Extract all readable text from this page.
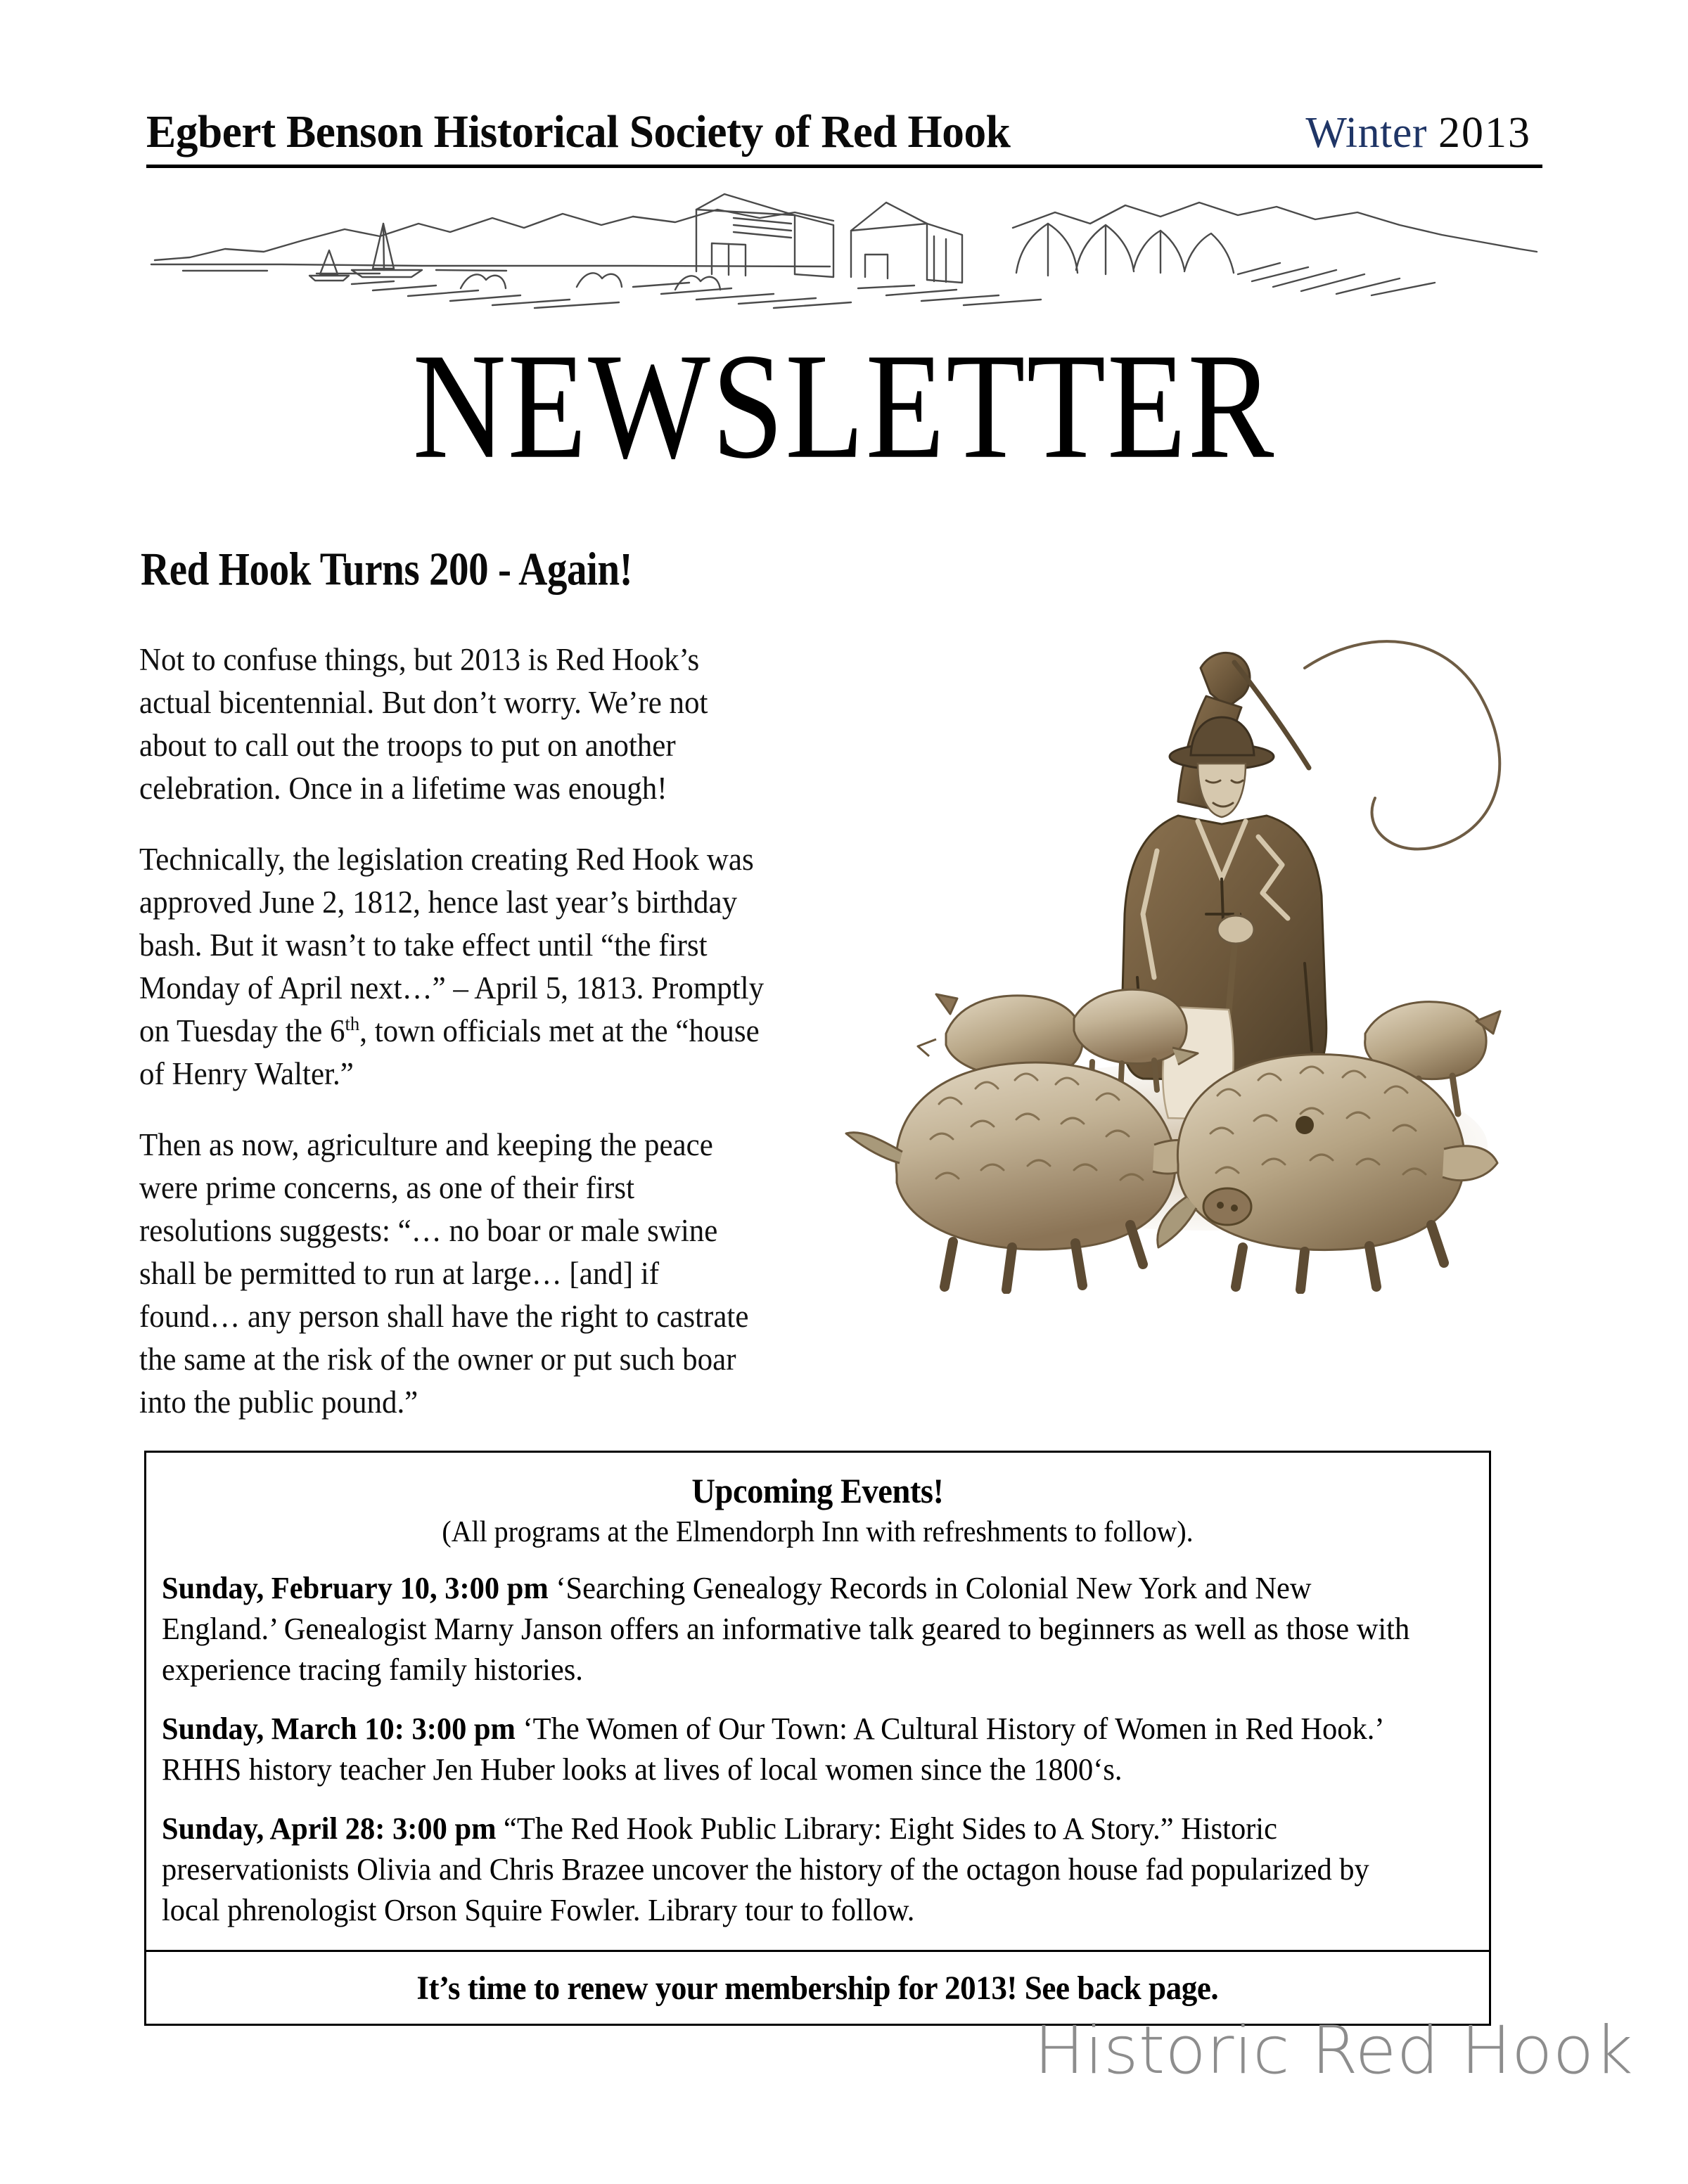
Egbert Benson Historical Society of Red Hook	Winter 2013
NEWSLETTER
Red Hook Turns 200 - Again!

Not to confuse things, but 2013 is Red Hook’s actual bicentennial. But don’t worry. We’re not about to call out the troops to put on another celebration. Once in a lifetime was enough!

Technically, the legislation creating Red Hook was approved June 2, 1812, hence last year’s birthday bash. But it wasn’t to take effect until “the first Monday of April next…” – April 5, 1813. Promptly on Tuesday the 6th, town officials met at the “house of Henry Walter.”

Then as now, agriculture and keeping the peace were prime concerns, as one of their first resolutions suggests: “… no boar or male swine shall be permitted to run at large… [and] if found… any person shall have the right to castrate the same at the risk of the owner or put such boar into the public pound.”

Upcoming Events!
(All programs at the Elmendorph Inn with refreshments to follow).
Sunday, February 10, 3:00 pm ‘Searching Genealogy Records in Colonial New York and New England.’ Genealogist Marny Janson offers an informative talk geared to beginners as well as those with experience tracing family histories.
Sunday, March 10: 3:00 pm ‘The Women of Our Town: A Cultural History of Women in Red Hook.’ RHHS history teacher Jen Huber looks at lives of local women since the 1800‘s.
Sunday, April 28: 3:00 pm “The Red Hook Public Library: Eight Sides to A Story.” Historic preservationists Olivia and Chris Brazee uncover the history of the octagon house fad popularized by local phrenologist Orson Squire Fowler. Library tour to follow.
It’s time to renew your membership for 2013! See back page.
Historic Red Hook
